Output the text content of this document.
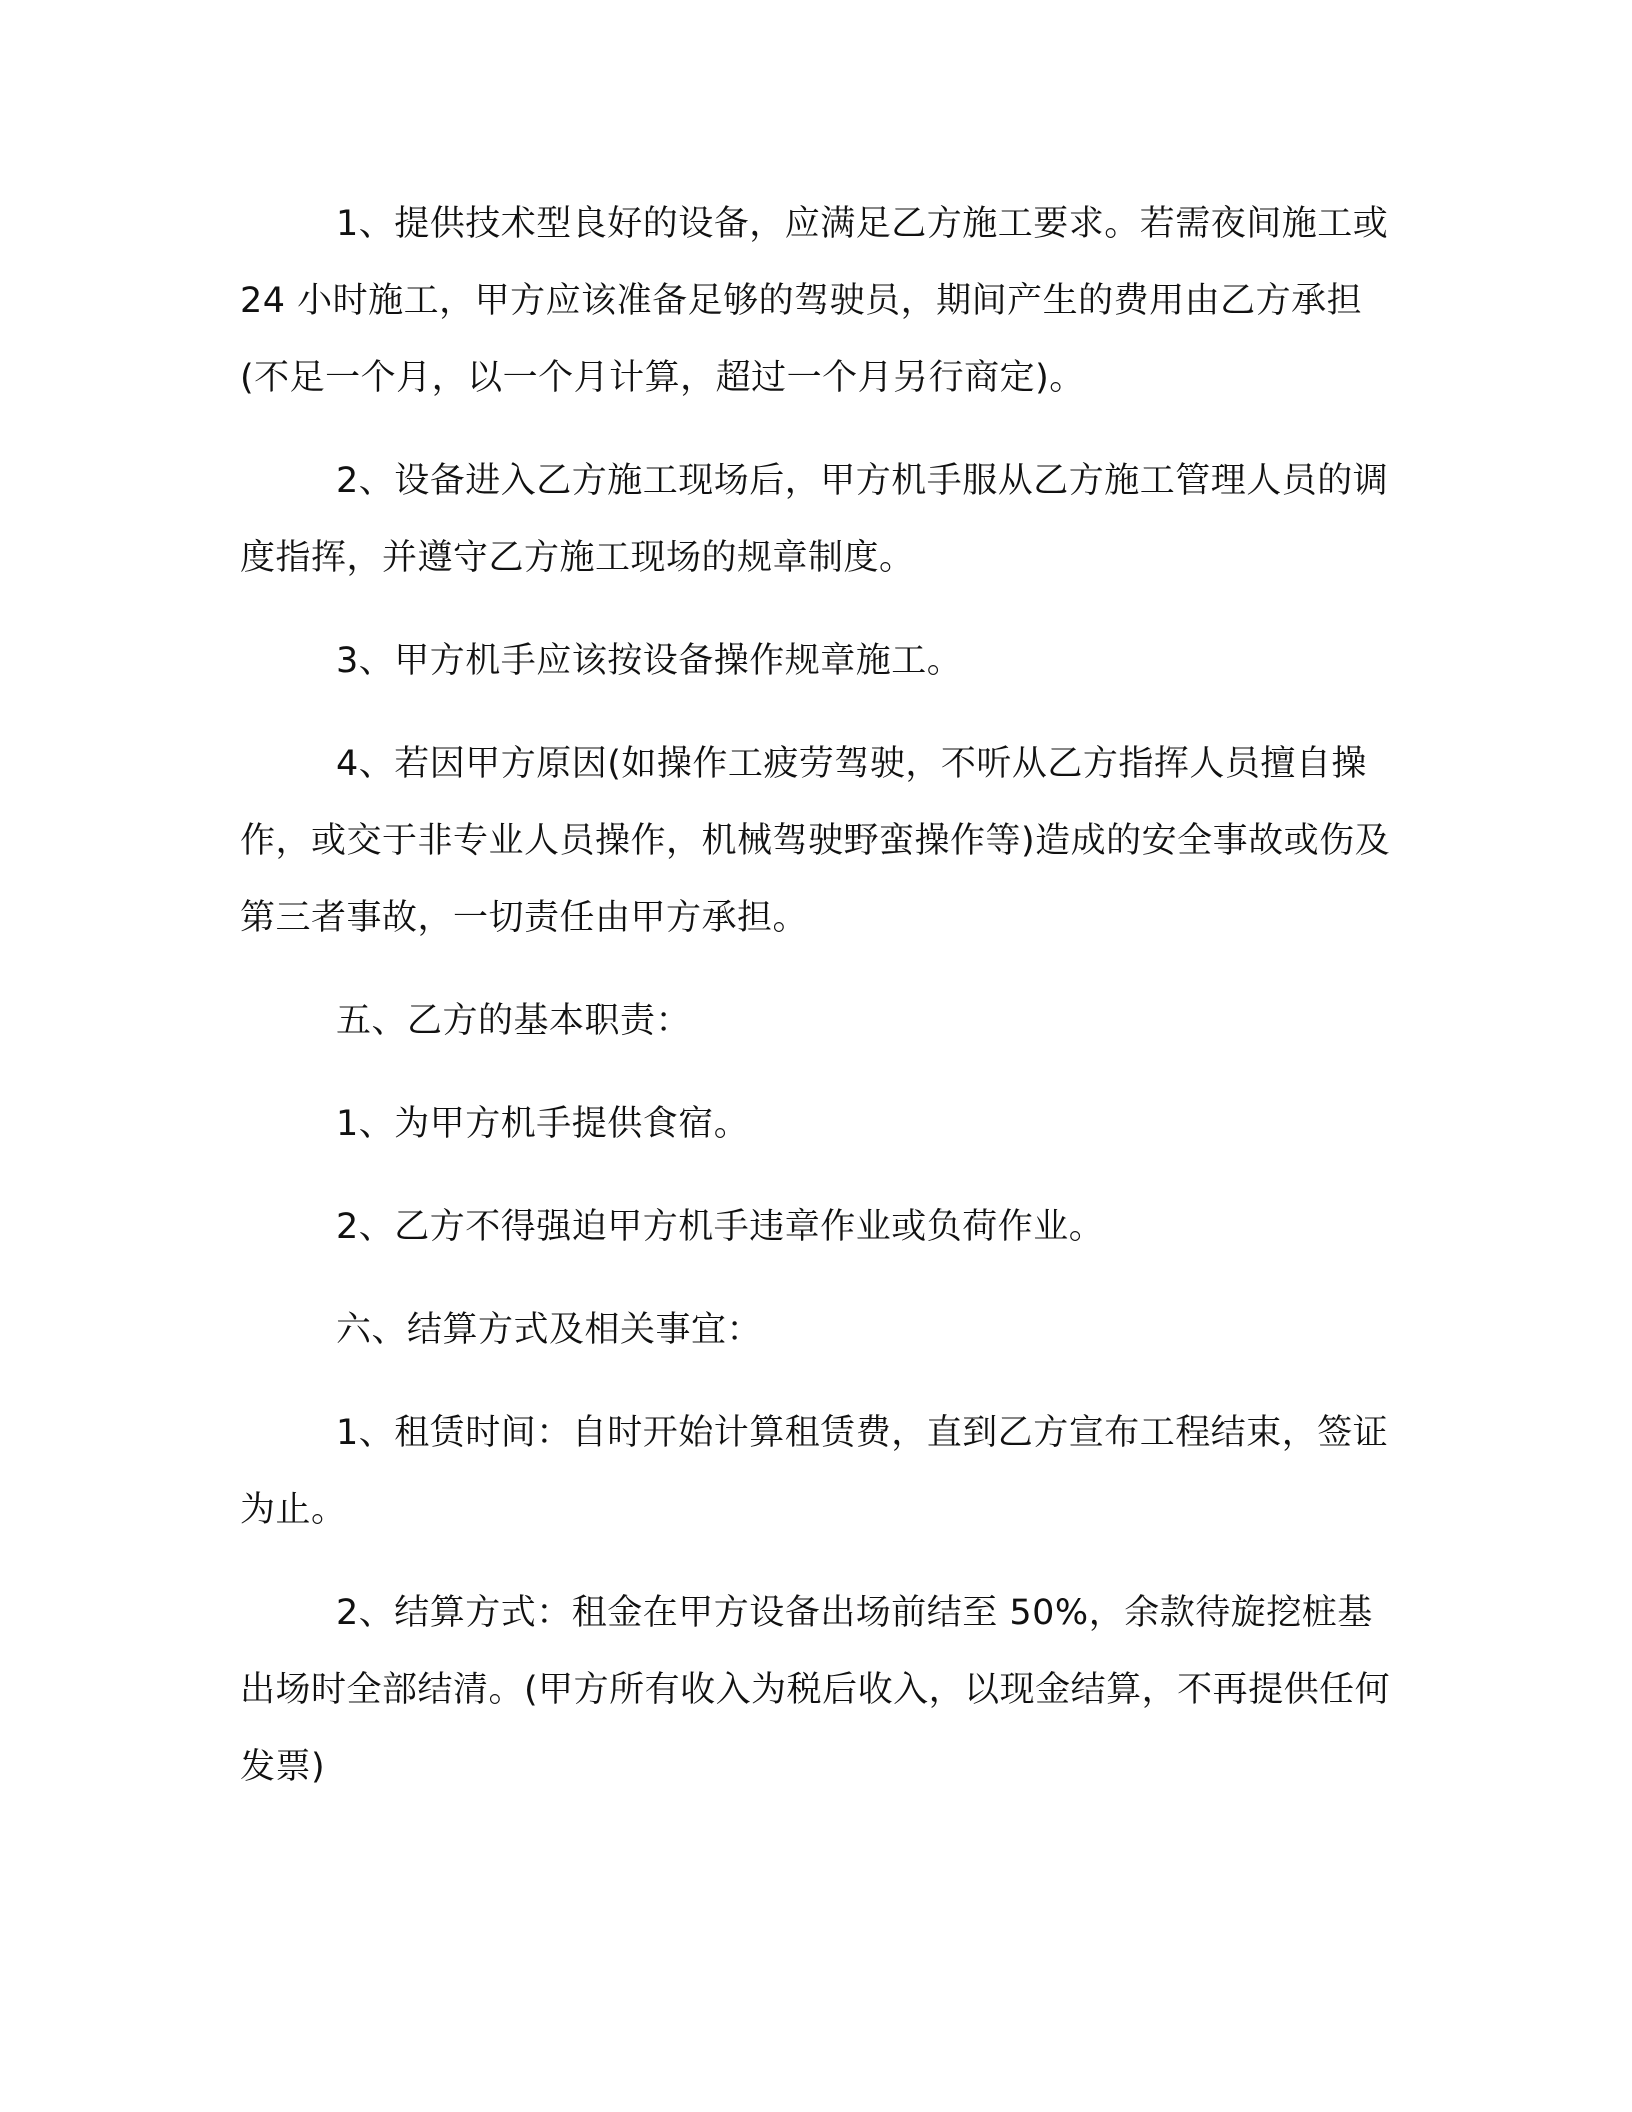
1、提供技术型良好的设备，应满足乙方施工要求。若需夜间施工或 24 小时施工，甲方应该准备足够的驾驶员，期间产生的费用由乙方承担(不足一个月，以一个月计算，超过一个月另行商定)。

2、设备进入乙方施工现场后，甲方机手服从乙方施工管理人员的调度指挥，并遵守乙方施工现场的规章制度。

3、甲方机手应该按设备操作规章施工。

4、若因甲方原因(如操作工疲劳驾驶，不听从乙方指挥人员擅自操作，或交于非专业人员操作，机械驾驶野蛮操作等)造成的安全事故或伤及第三者事故，一切责任由甲方承担。

五、乙方的基本职责：

1、为甲方机手提供食宿。

2、乙方不得强迫甲方机手违章作业或负荷作业。

六、结算方式及相关事宜：

1、租赁时间：自时开始计算租赁费，直到乙方宣布工程结束，签证为止。

2、结算方式：租金在甲方设备出场前结至 50%，余款待旋挖桩基出场时全部结清。(甲方所有收入为税后收入，以现金结算，不再提供任何发票)
